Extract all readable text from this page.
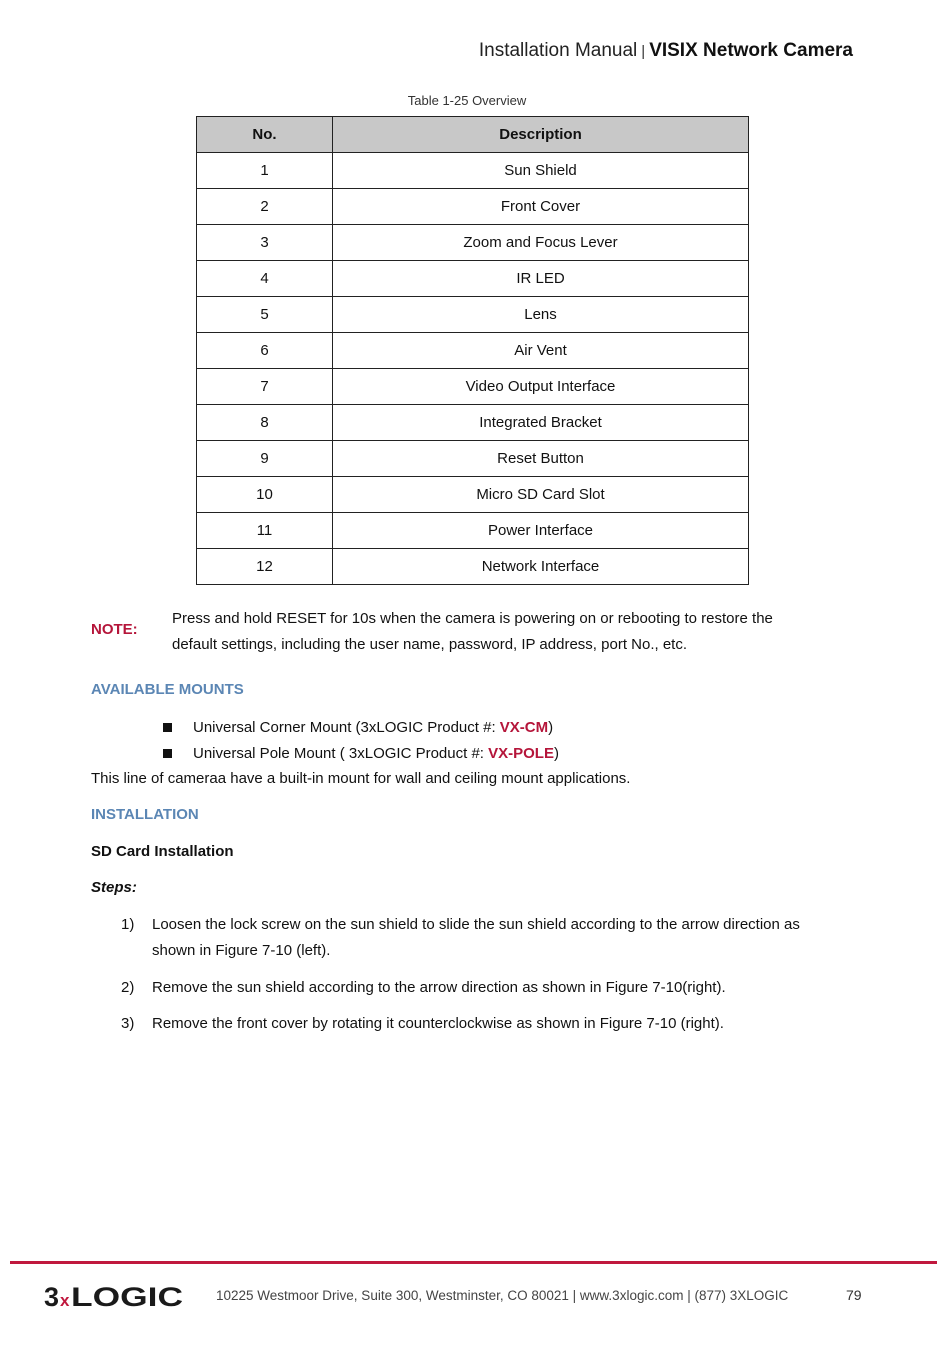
Installation Manual | VISIX Network Camera
Table 1-25 Overview
No.	Description
1	Sun Shield
2	Front Cover
3	Zoom and Focus Lever
4	IR LED
5	Lens
6	Air Vent
7	Video Output Interface
8	Integrated Bracket
9	Reset Button
10	Micro SD Card Slot
11	Power Interface
12	Network Interface
NOTE:
Press and hold RESET for 10s when the camera is powering on or rebooting to restore the
default settings, including the user name, password, IP address, port No., etc.
AVAILABLE MOUNTS
Universal Corner Mount (3xLOGIC Product #: VX-CM)
Universal Pole Mount ( 3xLOGIC Product #: VX-POLE)
This line of cameraa have a built-in mount for wall and ceiling mount applications.
INSTALLATION
SD Card Installation
Steps:
1)	Loosen the lock screw on the sun shield to slide the sun shield according to the arrow direction as
shown in Figure 7-10 (left).
2)	Remove the sun shield according to the arrow direction as shown in Figure 7-10(right).
3)	Remove the front cover by rotating it counterclockwise as shown in Figure 7-10 (right).
3 x LOGIC 10225 Westmoor Drive, Suite 300, Westminster, CO 80021 | www.3xlogic.com | (877) 3XLOGIC	79
